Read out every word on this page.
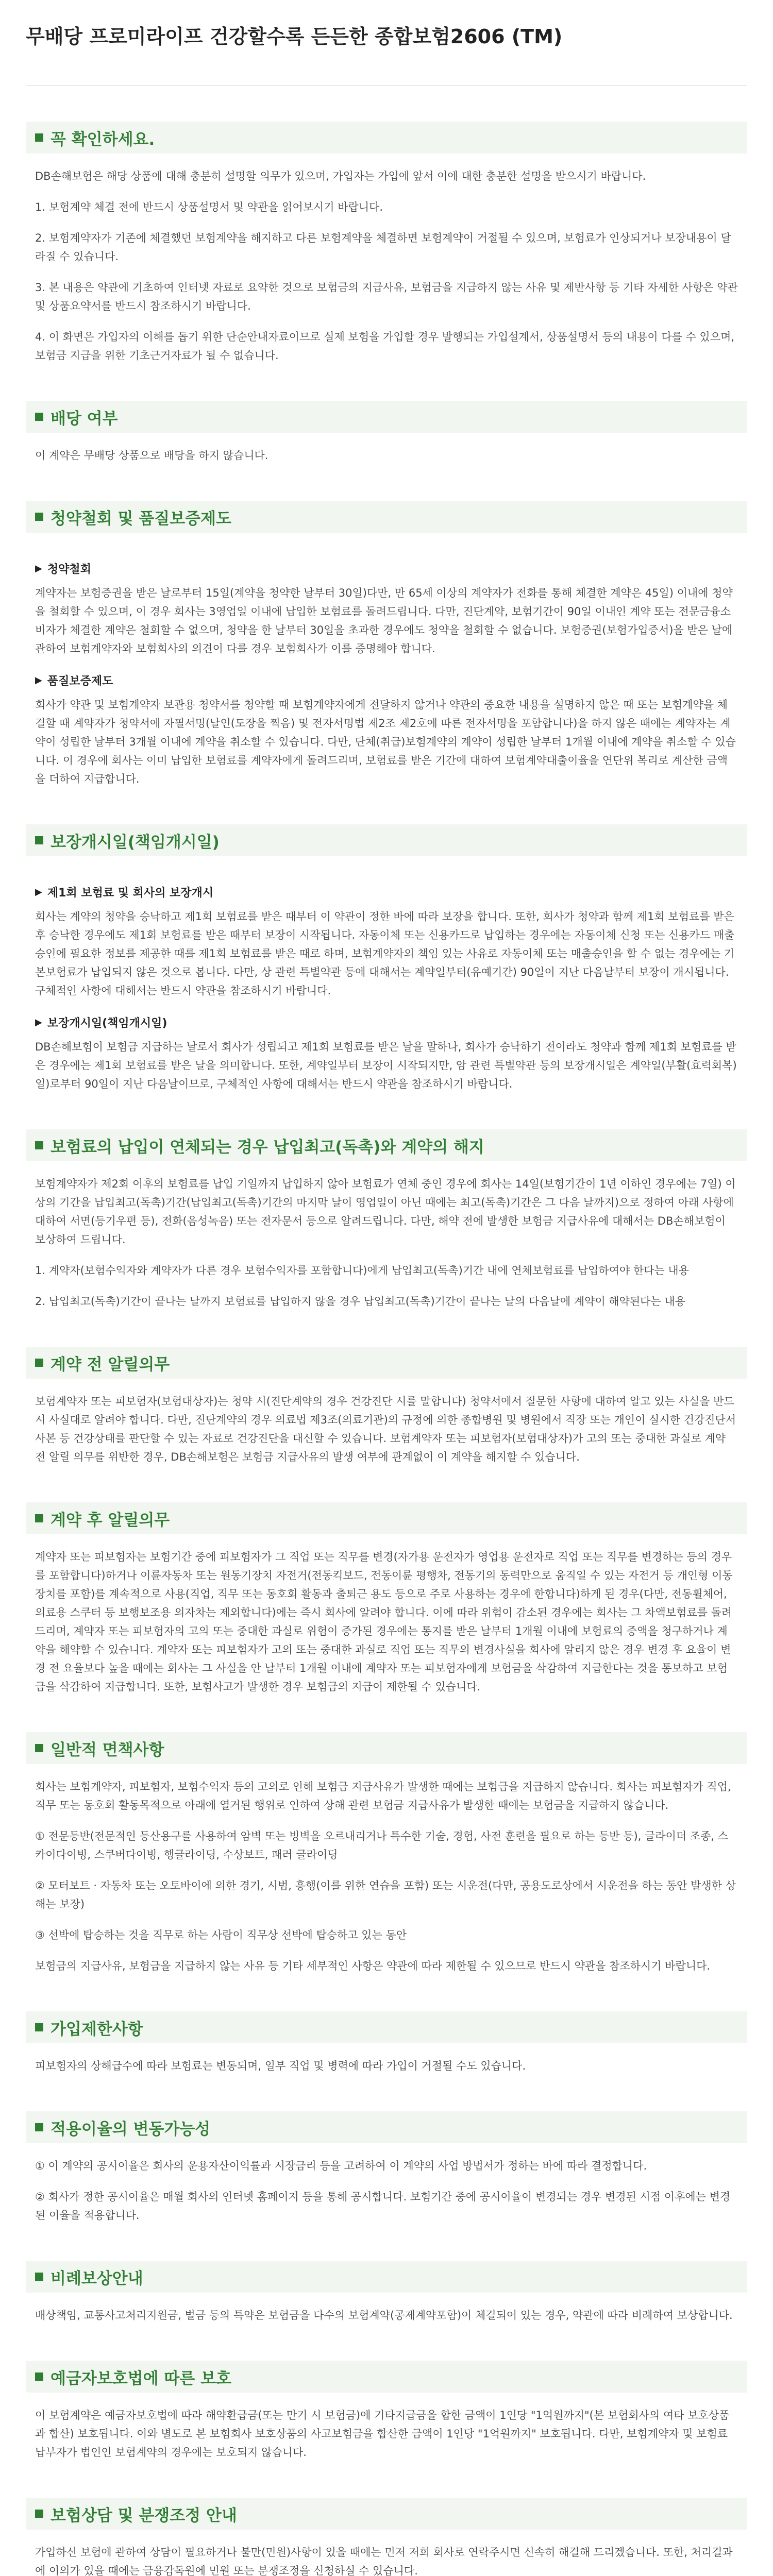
무배당 프로미라이프 건강할수록 든든한 종합보험2606 (TM)
꼭 확인하세요.

DB손해보험은 해당 상품에 대해 충분히 설명할 의무가 있으며, 가입자는 가입에 앞서 이에 대한 충분한 설명을 받으시기 바랍니다.

1. 보험계약 체결 전에 반드시 상품설명서 및 약관을 읽어보시기 바랍니다.

2. 보험계약자가 기존에 체결했던 보험계약을 해지하고 다른 보험계약을 체결하면 보험계약이 거절될 수 있으며, 보험료가 인상되거나 보장내용이 달라질 수 있습니다.

3. 본 내용은 약관에 기초하여 인터넷 자료로 요약한 것으로 보험금의 지급사유, 보험금을 지급하지 않는 사유 및 제반사항 등 기타 자세한 사항은 약관 및 상품요약서를 반드시 참조하시기 바랍니다.

4. 이 화면은 가입자의 이해를 돕기 위한 단순안내자료이므로 실제 보험을 가입할 경우 발행되는 가입설계서, 상품설명서 등의 내용이 다를 수 있으며, 보험금 지급을 위한 기초근거자료가 될 수 없습니다.

배당 여부

이 계약은 무배당 상품으로 배당을 하지 않습니다.

청약철회 및 품질보증제도
▶ 청약철회

계약자는 보험증권을 받은 날로부터 15일(계약을 청약한 날부터 30일)다만, 만 65세 이상의 계약자가 전화를 통해 체결한 계약은 45일) 이내에 청약을 철회할 수 있으며, 이 경우 회사는 3영업일 이내에 납입한 보험료를 돌려드립니다. 다만, 진단계약, 보험기간이 90일 이내인 계약 또는 전문금융소비자가 체결한 계약은 철회할 수 없으며, 청약을 한 날부터 30일을 초과한 경우에도 청약을 철회할 수 없습니다. 보험증권(보험가입증서)을 받은 날에 관하여 보험계약자와 보험회사의 의견이 다를 경우 보험회사가 이를 증명해야 합니다.

▶ 품질보증제도

회사가 약관 및 보험계약자 보관용 청약서를 청약할 때 보험계약자에게 전달하지 않거나 약관의 중요한 내용을 설명하지 않은 때 또는 보험계약을 체결할 때 계약자가 청약서에 자필서명(날인(도장을 찍음) 및 전자서명법 제2조 제2호에 따른 전자서명을 포함합니다)을 하지 않은 때에는 계약자는 계약이 성립한 날부터 3개월 이내에 계약을 취소할 수 있습니다. 다만, 단체(취급)보험계약의 계약이 성립한 날부터 1개월 이내에 계약을 취소할 수 있습니다. 이 경우에 회사는 이미 납입한 보험료를 계약자에게 돌려드리며, 보험료를 받은 기간에 대하여 보험계약대출이율을 연단위 복리로 계산한 금액을 더하여 지급합니다.

보장개시일(책임개시일)
▶ 제1회 보험료 및 회사의 보장개시

회사는 계약의 청약을 승낙하고 제1회 보험료를 받은 때부터 이 약관이 정한 바에 따라 보장을 합니다. 또한, 회사가 청약과 함께 제1회 보험료를 받은 후 승낙한 경우에도 제1회 보험료를 받은 때부터 보장이 시작됩니다. 자동이체 또는 신용카드로 납입하는 경우에는 자동이체 신청 또는 신용카드 매출 승인에 필요한 정보를 제공한 때를 제1회 보험료를 받은 때로 하며, 보험계약자의 책임 있는 사유로 자동이체 또는 매출승인을 할 수 없는 경우에는 기본보험료가 납입되지 않은 것으로 봅니다. 다만, 상 관련 특별약관 등에 대해서는 계약일부터(유예기간) 90일이 지난 다음날부터 보장이 개시됩니다. 구체적인 사항에 대해서는 반드시 약관을 참조하시기 바랍니다.

▶ 보장개시일(책임개시일)

DB손해보험이 보험금 지급하는 날로서 회사가 성립되고 제1회 보험료를 받은 날을 말하나, 회사가 승낙하기 전이라도 청약과 함께 제1회 보험료를 받은 경우에는 제1회 보험료를 받은 날을 의미합니다. 또한, 계약일부터 보장이 시작되지만, 암 관련 특별약관 등의 보장개시일은 계약일(부활(효력회복)일)로부터 90일이 지난 다음날이므로, 구체적인 사항에 대해서는 반드시 약관을 참조하시기 바랍니다.

보험료의 납입이 연체되는 경우 납입최고(독촉)와 계약의 해지

보험계약자가 제2회 이후의 보험료를 납입 기일까지 납입하지 않아 보험료가 연체 중인 경우에 회사는 14일(보험기간이 1년 이하인 경우에는 7일) 이상의 기간을 납입최고(독촉)기간(납입최고(독촉)기간의 마지막 날이 영업일이 아닌 때에는 최고(독촉)기간은 그 다음 날까지)으로 정하여 아래 사항에 대하여 서면(등기우편 등), 전화(음성녹음) 또는 전자문서 등으로 알려드립니다. 다만, 해약 전에 발생한 보험금 지급사유에 대해서는 DB손해보험이 보상하여 드립니다.

1. 계약자(보험수익자와 계약자가 다른 경우 보험수익자를 포함합니다)에게 납입최고(독촉)기간 내에 연체보험료를 납입하여야 한다는 내용

2. 납입최고(독촉)기간이 끝나는 날까지 보험료를 납입하지 않을 경우 납입최고(독촉)기간이 끝나는 날의 다음날에 계약이 해약된다는 내용

계약 전 알릴의무

보험계약자 또는 피보험자(보험대상자)는 청약 시(진단계약의 경우 건강진단 시를 말합니다) 청약서에서 질문한 사항에 대하여 알고 있는 사실을 반드시 사실대로 알려야 합니다. 다만, 진단계약의 경우 의료법 제3조(의료기관)의 규정에 의한 종합병원 및 병원에서 직장 또는 개인이 실시한 건강진단서 사본 등 건강상태를 판단할 수 있는 자료로 건강진단을 대신할 수 있습니다. 보험계약자 또는 피보험자(보험대상자)가 고의 또는 중대한 과실로 계약 전 알릴 의무를 위반한 경우, DB손해보험은 보험금 지급사유의 발생 여부에 관계없이 이 계약을 해지할 수 있습니다.

계약 후 알릴의무

계약자 또는 피보험자는 보험기간 중에 피보험자가 그 직업 또는 직무를 변경(자가용 운전자가 영업용 운전자로 직업 또는 직무를 변경하는 등의 경우를 포함합니다)하거나 이륜자동차 또는 원동기장치 자전거(전동킥보드, 전동이륜 평행차, 전동기의 동력만으로 움직일 수 있는 자전거 등 개인형 이동장치를 포함)를 계속적으로 사용(직업, 직무 또는 동호회 활동과 출퇴근 용도 등으로 주로 사용하는 경우에 한합니다)하게 된 경우(다만, 전동휠체어, 의료용 스쿠터 등 보행보조용 의자차는 제외합니다)에는 즉시 회사에 알려야 합니다. 이에 따라 위험이 감소된 경우에는 회사는 그 차액보험료를 돌려드리며, 계약자 또는 피보험자의 고의 또는 중대한 과실로 위험이 증가된 경우에는 통지를 받은 날부터 1개월 이내에 보험료의 증액을 청구하거나 계약을 해약할 수 있습니다. 계약자 또는 피보험자가 고의 또는 중대한 과실로 직업 또는 직무의 변경사실을 회사에 알리지 않은 경우 변경 후 요율이 변경 전 요율보다 높을 때에는 회사는 그 사실을 안 날부터 1개월 이내에 계약자 또는 피보험자에게 보험금을 삭감하여 지급한다는 것을 통보하고 보험금을 삭감하여 지급합니다. 또한, 보험사고가 발생한 경우 보험금의 지급이 제한될 수 있습니다.

일반적 면책사항

회사는 보험계약자, 피보험자, 보험수익자 등의 고의로 인해 보험금 지급사유가 발생한 때에는 보험금을 지급하지 않습니다. 회사는 피보험자가 직업, 직무 또는 동호회 활동목적으로 아래에 열거된 행위로 인하여 상해 관련 보험금 지급사유가 발생한 때에는 보험금을 지급하지 않습니다.

① 전문등반(전문적인 등산용구를 사용하여 암벽 또는 빙벽을 오르내리거나 특수한 기술, 경험, 사전 훈련을 필요로 하는 등반 등), 글라이더 조종, 스카이다이빙, 스쿠버다이빙, 행글라이딩, 수상보트, 패러 글라이딩

② 모터보트 · 자동차 또는 오토바이에 의한 경기, 시범, 흥행(이를 위한 연습을 포함) 또는 시운전(다만, 공용도로상에서 시운전을 하는 동안 발생한 상해는 보장)

③ 선박에 탑승하는 것을 직무로 하는 사람이 직무상 선박에 탑승하고 있는 동안

보험금의 지급사유, 보험금을 지급하지 않는 사유 등 기타 세부적인 사항은 약관에 따라 제한될 수 있으므로 반드시 약관을 참조하시기 바랍니다.

가입제한사항

피보험자의 상해급수에 따라 보험료는 변동되며, 일부 직업 및 병력에 따라 가입이 거절될 수도 있습니다.

적용이율의 변동가능성

① 이 계약의 공시이율은 회사의 운용자산이익률과 시장금리 등을 고려하여 이 계약의 사업 방법서가 정하는 바에 따라 결정합니다.

② 회사가 정한 공시이율은 매월 회사의 인터넷 홈페이지 등을 통해 공시합니다. 보험기간 중에 공시이율이 변경되는 경우 변경된 시점 이후에는 변경된 이율을 적용합니다.

비례보상안내

배상책임, 교통사고처리지원금, 벌금 등의 특약은 보험금을 다수의 보험계약(공제계약포함)이 체결되어 있는 경우, 약관에 따라 비례하여 보상합니다.

예금자보호법에 따른 보호

이 보험계약은 예금자보호법에 따라 해약환급금(또는 만기 시 보험금)에 기타지급금을 합한 금액이 1인당 "1억원까지"(본 보험회사의 여타 보호상품과 합산) 보호됩니다. 이와 별도로 본 보험회사 보호상품의 사고보험금을 합산한 금액이 1인당 "1억원까지" 보호됩니다. 다만, 보험계약자 및 보험료납부자가 법인인 보험계약의 경우에는 보호되지 않습니다.

보험상담 및 분쟁조정 안내

가입하신 보험에 관하여 상담이 필요하거나 불만(민원)사항이 있을 때에는 먼저 저희 회사로 연락주시면 신속히 해결해 드리겠습니다. 또한, 처리결과에 이의가 있을 때에는 금융감독원에 민원 또는 분쟁조정을 신청하실 수 있습니다.
